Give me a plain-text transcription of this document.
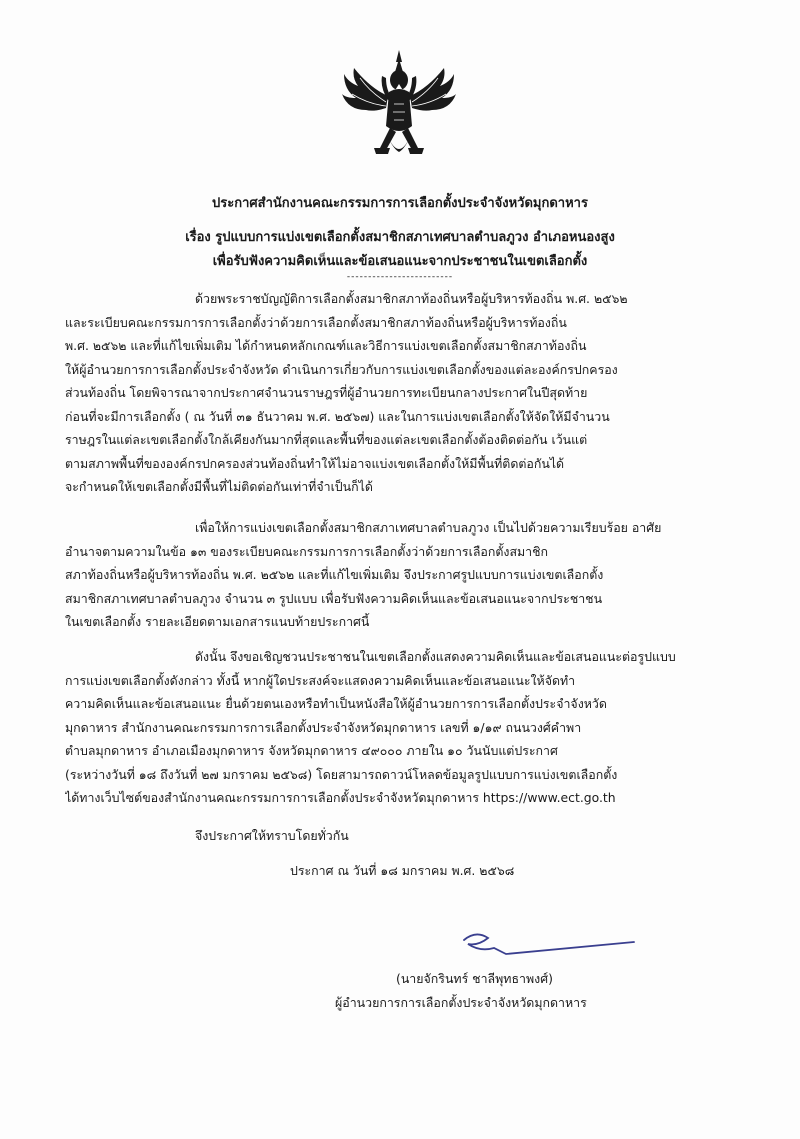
ประกาศสำนักงานคณะกรรมการการเลือกตั้งประจำจังหวัดมุกดาหาร
เรื่อง รูปแบบการแบ่งเขตเลือกตั้งสมาชิกสภาเทศบาลตำบลภูวง อำเภอหนองสูง
เพื่อรับฟังความคิดเห็นและข้อเสนอแนะจากประชาชนในเขตเลือกตั้ง
-------------------------
ด้วยพระราชบัญญัติการเลือกตั้งสมาชิกสภาท้องถิ่นหรือผู้บริหารท้องถิ่น พ.ศ. ๒๕๖๒
และระเบียบคณะกรรมการการเลือกตั้งว่าด้วยการเลือกตั้งสมาชิกสภาท้องถิ่นหรือผู้บริหารท้องถิ่น
พ.ศ. ๒๕๖๒ และที่แก้ไขเพิ่มเติม ได้กำหนดหลักเกณฑ์และวิธีการแบ่งเขตเลือกตั้งสมาชิกสภาท้องถิ่น
ให้ผู้อำนวยการการเลือกตั้งประจำจังหวัด ดำเนินการเกี่ยวกับการแบ่งเขตเลือกตั้งของแต่ละองค์กรปกครอง
ส่วนท้องถิ่น โดยพิจารณาจากประกาศจำนวนราษฎรที่ผู้อำนวยการทะเบียนกลางประกาศในปีสุดท้าย
ก่อนที่จะมีการเลือกตั้ง ( ณ วันที่ ๓๑ ธันวาคม พ.ศ. ๒๕๖๗) และในการแบ่งเขตเลือกตั้งให้จัดให้มีจำนวน
ราษฎรในแต่ละเขตเลือกตั้งใกล้เคียงกันมากที่สุดและพื้นที่ของแต่ละเขตเลือกตั้งต้องติดต่อกัน เว้นแต่
ตามสภาพพื้นที่ขององค์กรปกครองส่วนท้องถิ่นทำให้ไม่อาจแบ่งเขตเลือกตั้งให้มีพื้นที่ติดต่อกันได้
จะกำหนดให้เขตเลือกตั้งมีพื้นที่ไม่ติดต่อกันเท่าที่จำเป็นก็ได้
เพื่อให้การแบ่งเขตเลือกตั้งสมาชิกสภาเทศบาลตำบลภูวง เป็นไปด้วยความเรียบร้อย อาศัย
อำนาจตามความในข้อ ๑๓ ของระเบียบคณะกรรมการการเลือกตั้งว่าด้วยการเลือกตั้งสมาชิก
สภาท้องถิ่นหรือผู้บริหารท้องถิ่น พ.ศ. ๒๕๖๒ และที่แก้ไขเพิ่มเติม จึงประกาศรูปแบบการแบ่งเขตเลือกตั้ง
สมาชิกสภาเทศบาลตำบลภูวง จำนวน ๓ รูปแบบ เพื่อรับฟังความคิดเห็นและข้อเสนอแนะจากประชาชน
ในเขตเลือกตั้ง รายละเอียดตามเอกสารแนบท้ายประกาศนี้
ดังนั้น จึงขอเชิญชวนประชาชนในเขตเลือกตั้งแสดงความคิดเห็นและข้อเสนอแนะต่อรูปแบบ
การแบ่งเขตเลือกตั้งดังกล่าว ทั้งนี้ หากผู้ใดประสงค์จะแสดงความคิดเห็นและข้อเสนอแนะให้จัดทำ
ความคิดเห็นและข้อเสนอแนะ ยื่นด้วยตนเองหรือทำเป็นหนังสือให้ผู้อำนวยการการเลือกตั้งประจำจังหวัด
มุกดาหาร สำนักงานคณะกรรมการการเลือกตั้งประจำจังหวัดมุกดาหาร เลขที่ ๑/๑๙ ถนนวงศ์คำพา
ตำบลมุกดาหาร อำเภอเมืองมุกดาหาร จังหวัดมุกดาหาร ๔๙๐๐๐ ภายใน ๑๐ วันนับแต่ประกาศ
(ระหว่างวันที่ ๑๘ ถึงวันที่ ๒๗ มกราคม ๒๕๖๘) โดยสามารถดาวน์โหลดข้อมูลรูปแบบการแบ่งเขตเลือกตั้ง
ได้ทางเว็บไซต์ของสำนักงานคณะกรรมการการเลือกตั้งประจำจังหวัดมุกดาหาร https://www.ect.go.th
จึงประกาศให้ทราบโดยทั่วกัน
ประกาศ ณ วันที่ ๑๘ มกราคม พ.ศ. ๒๕๖๘
(นายจักรินทร์ ชาลีพุทธาพงศ์)
ผู้อำนวยการการเลือกตั้งประจำจังหวัดมุกดาหาร
